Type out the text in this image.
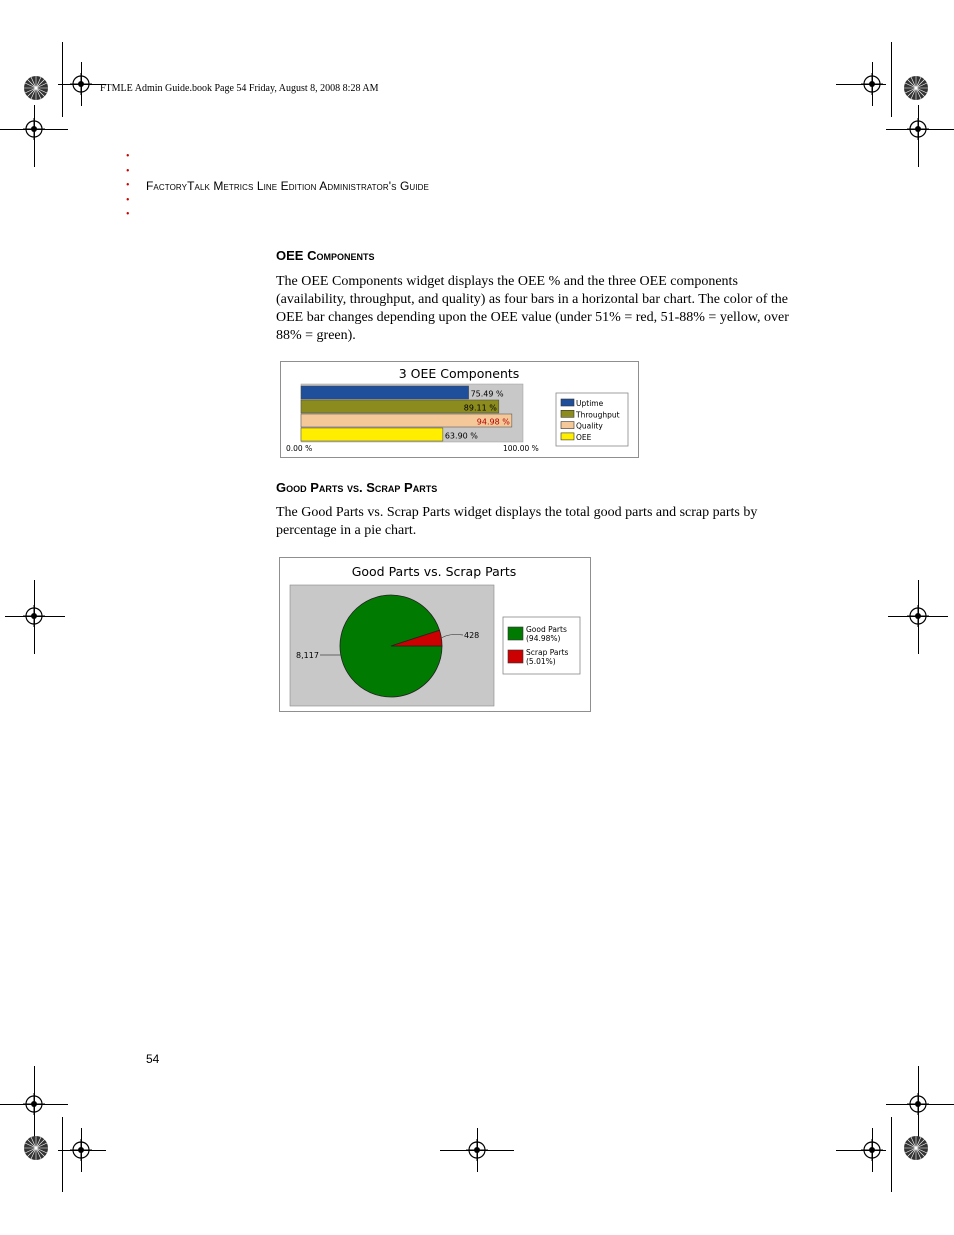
FTMLE Admin Guide.book Page 54 Friday, August 8, 2008 8:28 AM
•
•
•
•
•
FactoryTalk Metrics Line Edition Administrator's Guide
OEE Components
The OEE Components widget displays the OEE % and the three OEE components (availability, throughput, and quality) as four bars in a horizontal bar chart. The color of the OEE bar changes depending upon the OEE value (under 51% = red, 51-88% = yellow, over 88% = green).
3 OEE Components
75.49 %
89.11 %
94.98 %
63.90 %
0.00 %	100.00 %
Uptime
Throughput
Quality
OEE
Good Parts vs. Scrap Parts
The Good Parts vs. Scrap Parts widget displays the total good parts and scrap parts by percentage in a pie chart.
Good Parts vs. Scrap Parts
8,117
428
Good Parts
(94.98%)
Scrap Parts
(5.01%)
54
